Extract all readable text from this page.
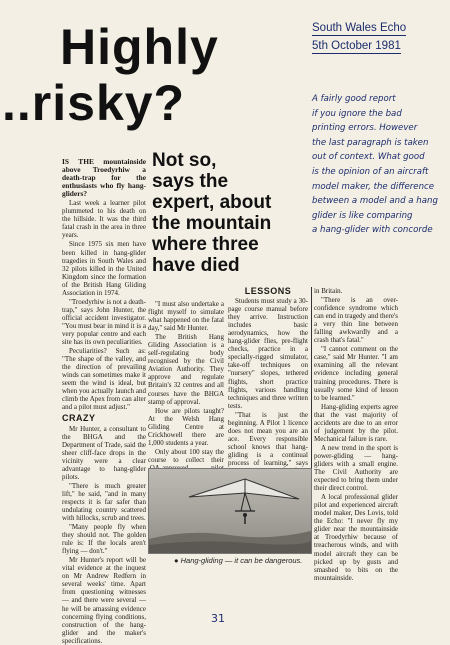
Highly
..risky?
South Wales Echo
5th October 1981
A fairly good report
if you ignore the bad
printing errors. However
the last paragraph is taken
out of context. What good
is the opinion of an aircraft
model maker, the difference
between a model and a hang
glider is like comparing
a hang-glider with concorde
Not so,
says the
expert, about
the mountain
where three
have died

IS THE mountainside above Troedyrhiw a death-trap for the enthusiasts who fly hang-gliders?

Last week a learner pilot plummeted to his death on the hillside. It was the third fatal crash in the area in three years.

Since 1975 six men have been killed in hang-glider tragedies in South Wales and 32 pilots killed in the United Kingdom since the formation of the British Hang Gliding Association in 1974.

"Troedyrhiw is not a death-trap," says John Hunter, the official accident investigator. "You must bear in mind it is a very popular centre and each site has its own peculiarities.

Peculiarities? Such as: "The shape of the valley, and the direction of prevailing winds can sometimes make it seem the wind is ideal, but when you actually launch and climb the Apex from can alter and a pilot must adjust."

CRAZY

Mr Hunter, a consultant to the BHGA and the Department of Trade, said the sheer cliff-face drops in the vicinity were a clear advantage to hang-glider pilots.

"There is much greater lift," he said, "and in many respects it is far safer than undulating country scattered with hillocks, scrub and trees.

"Many people fly when they should not. The golden rule is: If the locals aren't flying — don't."

Mr Hunter's report will be vital evidence at the inquest on Mr Andrew Redfern in several weeks' time. Apart from questioning witnesses — and there were several — he will be amassing evidence concerning flying conditions, construction of the hang-glider and the maker's specifications.

"I must also undertake a flight myself to simulate what happened on the fatal day," said Mr Hunter.

The British Hang Gliding Association is a self-regulating body recognised by the Civil Aviation Authority. They approve and regulate Britain's 32 centres and all courses have the BHGA stamp of approval.

How are pilots taught? At the Welsh Hang Gliding Centre at Crickhowell there are 1,000 students a year.

Only about 100 stay the course to collect their

LESSONS

Students must study a 30-page course manual before they arrive. Instruction includes basic aerodynamics, how the hang-glider flies, pre-flight checks, practice in a specially-rigged simulator, take-off techniques on "nursery" slopes, tethered flights, short practice flights, various handling techniques and three written tests.

"That is just the beginning. A Pilot 1 licence does not mean you are an ace. Every responsible school knows that hang-gliding is a continual process of learning," says

in Britain.

"There is an over-confidence syndrome which can end in tragedy and there's a very thin line between falling awkwardly and a crash that's fatal."

"I cannot comment on the case," said Mr Hunter. "I am examining all the relevant evidence including general training procedures. There is usually some kind of lesson to be learned."

Hang-gliding experts agree that the vast majority of accidents are due to an error of judgement by the pilot. Mechanical failure is rare.

A new trend in the sport is power-gliding — hang-gliders with a small engine. The Civil Authority are expected to bring them under their direct control.

A local professional glider pilot and experienced aircraft model maker, Des Lovis, told the Echo: "I never fly my glider near the mountainside at Troedyrhiw because of treacherous winds, and with model aircraft they can be picked up by gusts and smashed to bits on the mountainside.

● Hang-gliding — it can be dangerous.
31
